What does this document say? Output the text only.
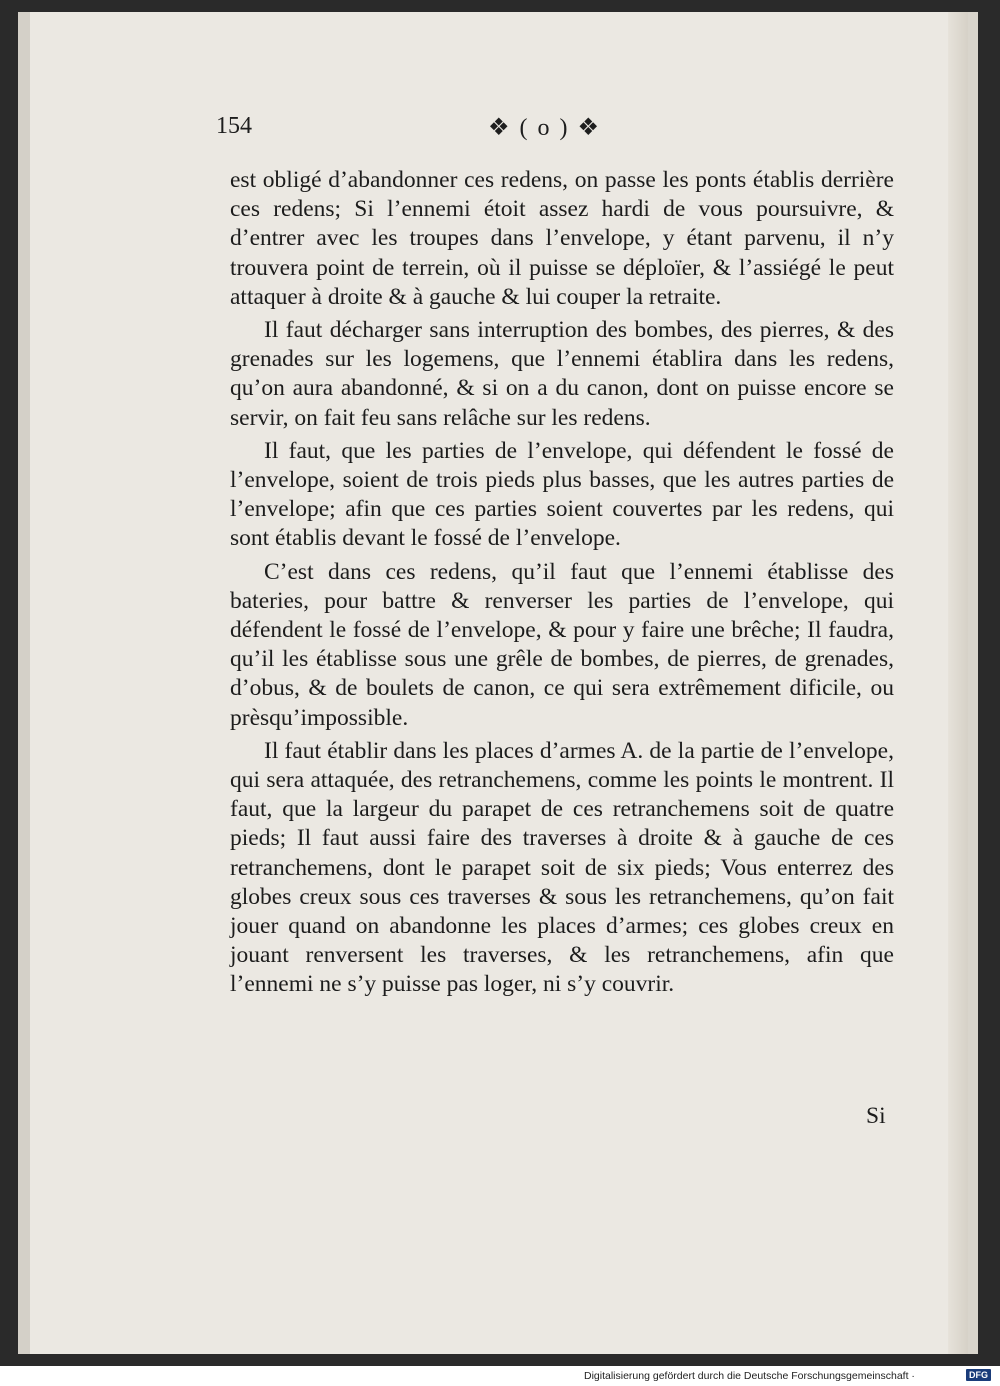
154	❖ ( o ) ❖

est obligé d’abandonner ces redens, on passe les ponts établis derrière ces redens; Si l’ennemi étoit assez hardi de vous poursuivre, & d’entrer avec les troupes dans l’envelope, y étant parvenu, il n’y trouvera point de terrein, où il puisse se déploïer, & l’assiégé le peut attaquer à droite & à gauche & lui couper la retraite.

Il faut décharger sans interruption des bombes, des pierres, & des grenades sur les logemens, que l’ennemi établira dans les redens, qu’on aura abandonné, & si on a du canon, dont on puisse encore se servir, on fait feu sans relâche sur les redens.

Il faut, que les parties de l’envelope, qui défendent le fossé de l’envelope, soient de trois pieds plus basses, que les autres parties de l’envelope; afin que ces parties soient couvertes par les redens, qui sont établis devant le fossé de l’envelope.

C’est dans ces redens, qu’il faut que l’ennemi établisse des bateries, pour battre & renverser les parties de l’envelope, qui défendent le fossé de l’envelope, & pour y faire une brêche; Il faudra, qu’il les établisse sous une grêle de bombes, de pierres, de grenades, d’obus, & de boulets de canon, ce qui sera extrêmement dificile, ou prèsqu’impossible.

Il faut établir dans les places d’armes A. de la partie de l’envelope, qui sera attaquée, des retranchemens, comme les points le montrent. Il faut, que la largeur du parapet de ces retranchemens soit de quatre pieds; Il faut aussi faire des traverses à droite & à gauche de ces retranchemens, dont le parapet soit de six pieds; Vous enterrez des globes creux sous ces traverses & sous les retranchemens, qu’on fait jouer quand on abandonne les places d’armes; ces globes creux en jouant renversent les traverses, & les retranchemens, afin que l’ennemi ne s’y puisse pas loger, ni s’y couvrir.

Si
Digitalisierung gefördert durch die Deutsche Forschungsgemeinschaft ·	DFG
